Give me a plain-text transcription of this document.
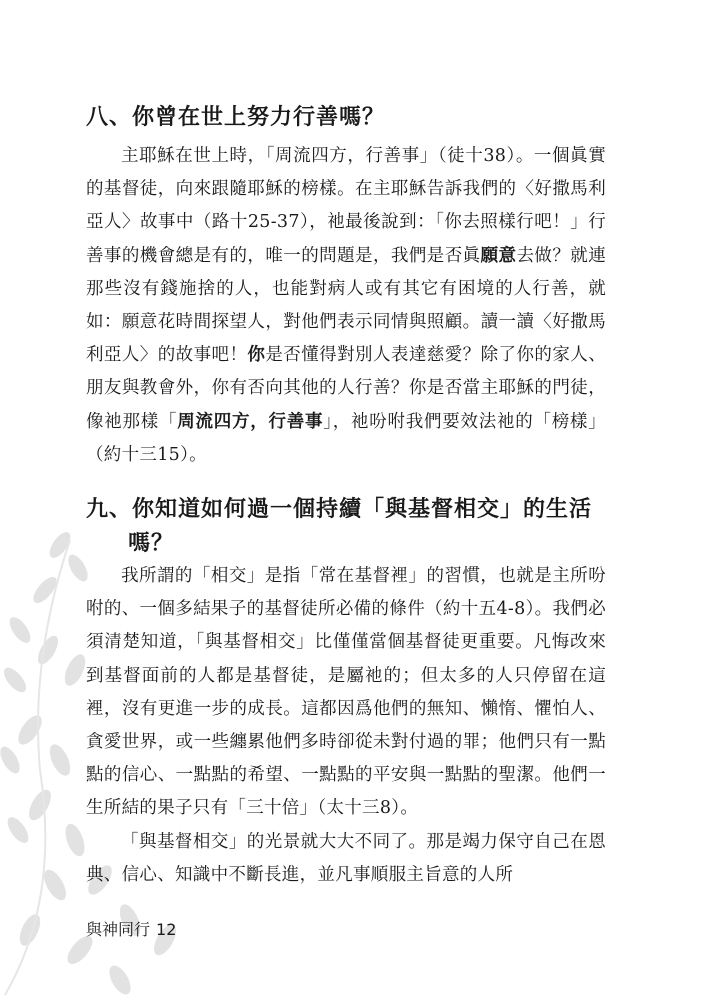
八、你曾在世上努力行善嗎？

主耶穌在世上時，「周流四方，行善事」（徒十38）。一個眞實的基督徒，向來跟隨耶穌的榜樣。在主耶穌告訴我們的〈好撒馬利亞人〉故事中（路十25-37），祂最後說到：「你去照樣行吧！」行善事的機會總是有的，唯一的問題是，我們是否眞願意去做？就連那些沒有錢施捨的人，也能對病人或有其它有困境的人行善，就如：願意花時間探望人，對他們表示同情與照顧。讀一讀〈好撒馬利亞人〉的故事吧！你是否懂得對別人表達慈愛？除了你的家人、朋友與教會外，你有否向其他的人行善？你是否當主耶穌的門徒，像祂那樣「周流四方，行善事」，祂吩咐我們要效法祂的「榜樣」（約十三15）。

九、你知道如何過一個持續「與基督相交」的生活
嗎？

我所謂的「相交」是指「常在基督裡」的習慣，也就是主所吩咐的、一個多結果子的基督徒所必備的條件（約十五4-8）。我們必須清楚知道，「與基督相交」比僅僅當個基督徒更重要。凡悔改來到基督面前的人都是基督徒，是屬祂的；但太多的人只停留在這裡，沒有更進一步的成長。這都因爲他們的無知、懶惰、懼怕人、貪愛世界，或一些纏累他們多時卻從未對付過的罪；他們只有一點點的信心、一點點的希望、一點點的平安與一點點的聖潔。他們一生所結的果子只有「三十倍」（太十三8）。

「與基督相交」的光景就大大不同了。那是竭力保守自己在恩典、信心、知識中不斷長進，並凡事順服主旨意的人所

與神同行 12
